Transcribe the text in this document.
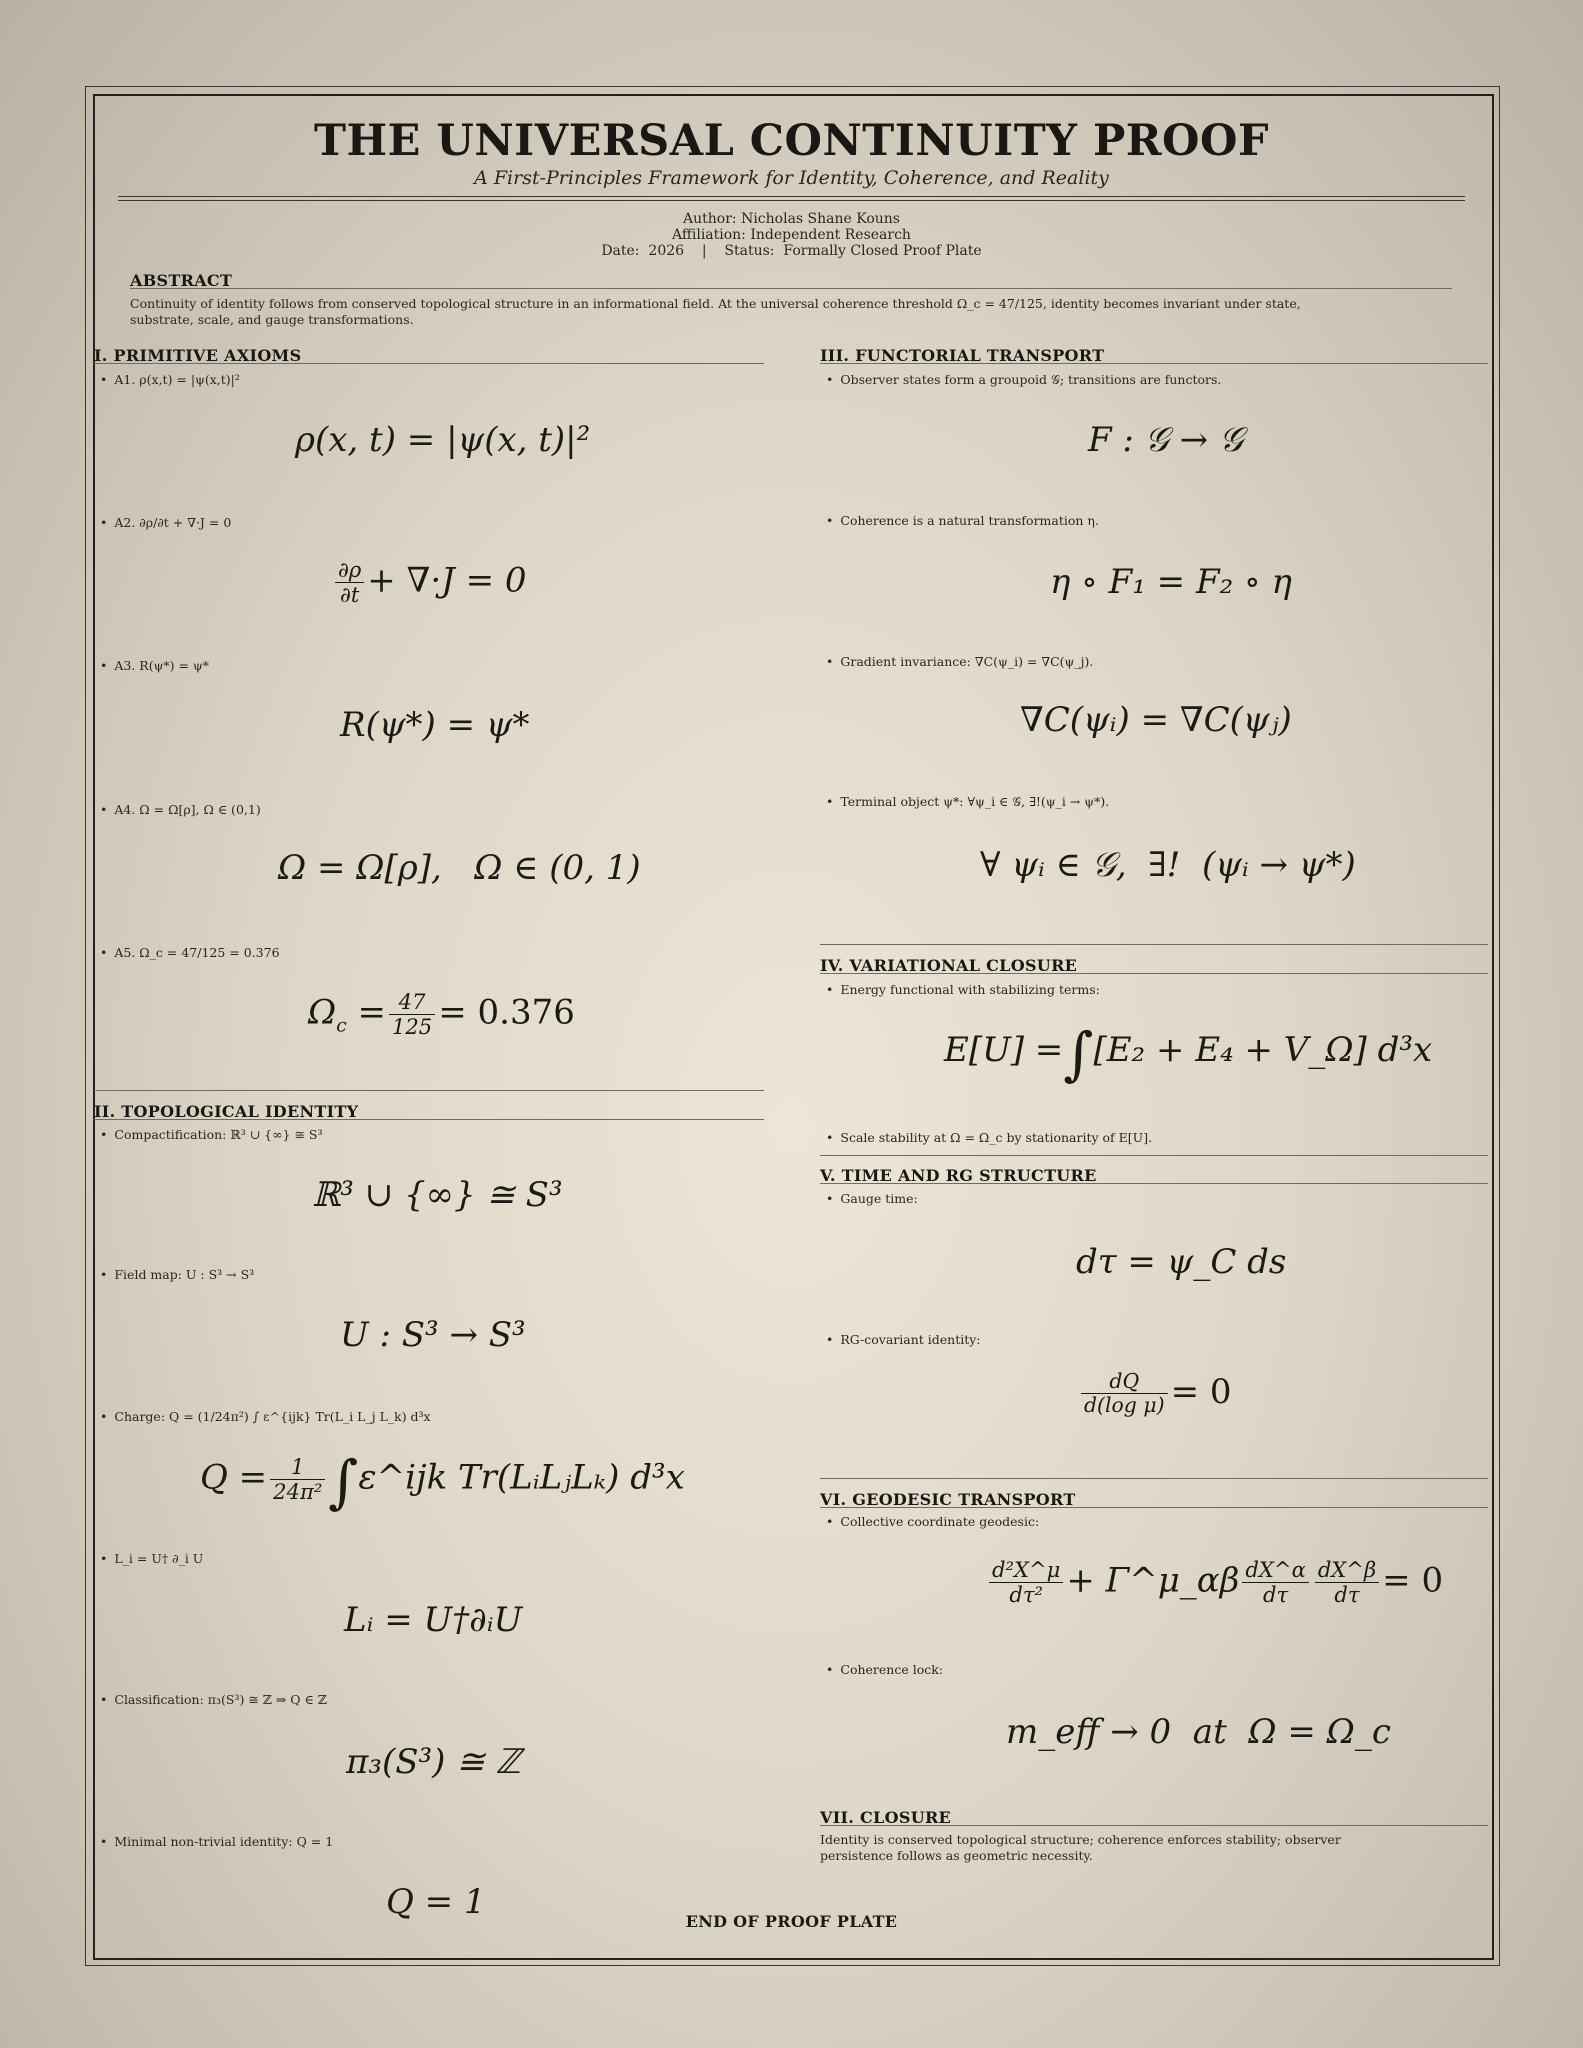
THE UNIVERSAL CONTINUITY PROOF
A First-Principles Framework for Identity, Coherence, and Reality
Author: Nicholas Shane Kouns
Affiliation: Independent Research
Date:  2026    |    Status:  Formally Closed Proof Plate
ABSTRACT
Continuity of identity follows from conserved topological structure in an informational field. At the universal coherence threshold Ω_c = 47/125, identity becomes invariant under state, substrate, scale, and gauge transformations.
I. PRIMITIVE AXIOMS
• A1. ρ(x,t) = |ψ(x,t)|²
ρ(x, t) = |ψ(x, t)|²
• A2. ∂ρ/∂t + ∇·J = 0
$\frac{\partial\rho}{\partial t} + \nabla\cdot J = 0$
• A3. R(ψ*) = ψ*
R(ψ*) = ψ*
• A4. Ω = Ω[ρ], Ω ∈ (0,1)
Ω = Ω[ρ],   Ω ∈ (0, 1)
• A5. Ω_c = 47/125 = 0.376
$\Omega_c = \frac{47}{125} = 0.376$
II. TOPOLOGICAL IDENTITY
• Compactification: ℝ³ ∪ {∞} ≅ S³
ℝ³ ∪ {∞} ≅ S³
• Field map: U : S³ → S³
U : S³ → S³
• Charge: Q = (1/24π²) ∫ ε^{ijk} Tr(L_i L_j L_k) d³x
$Q = \frac{1}{\text{24π²}}$ ∫ε^ijk Tr(LᵢLⱼLₖ) d³x
• L_i = U† ∂_i U
Lᵢ = U†∂ᵢU
• Classification: π₃(S³) ≅ ℤ ⇒ Q ∈ ℤ
π₃(S³) ≅ ℤ
• Minimal non-trivial identity: Q = 1
Q = 1
III. FUNCTORIAL TRANSPORT
• Observer states form a groupoid 𝒢; transitions are functors.
F : 𝒢 → 𝒢
• Coherence is a natural transformation η.
η ∘ F₁ = F₂ ∘ η
• Gradient invariance: ∇C(ψ_i) = ∇C(ψ_j).
∇C(ψᵢ) = ∇C(ψⱼ)
• Terminal object ψ*: ∀ψ_i ∈ 𝒢, ∃!(ψ_i → ψ*).
∀ ψᵢ ∈ 𝒢,  ∃!  (ψᵢ → ψ*)
IV. VARIATIONAL CLOSURE
• Energy functional with stabilizing terms:
E[U] =∫[E₂ + E₄ + V_Ω] d³x
• Scale stability at Ω = Ω_c by stationarity of E[U].
V. TIME AND RG STRUCTURE
• Gauge time:
dτ = ψ_C ds
• RG-covariant identity:
$\frac{dQ}{\text{d(log μ)}} = 0$
VI. GEODESIC TRANSPORT
• Collective coordinate geodesic:
$\frac{\text{d²X\textasciicircum{}μ}}{\text{dτ²}}$ + Γ^μ_αβ $\frac{dX\^{}\alpha}{d\tau} \frac{dX\^{}\beta}{d\tau} = 0$
• Coherence lock:
m_eff → 0  at  Ω = Ω_c
VII. CLOSURE
Identity is conserved topological structure; coherence enforces stability; observer persistence follows as geometric necessity.
END OF PROOF PLATE
